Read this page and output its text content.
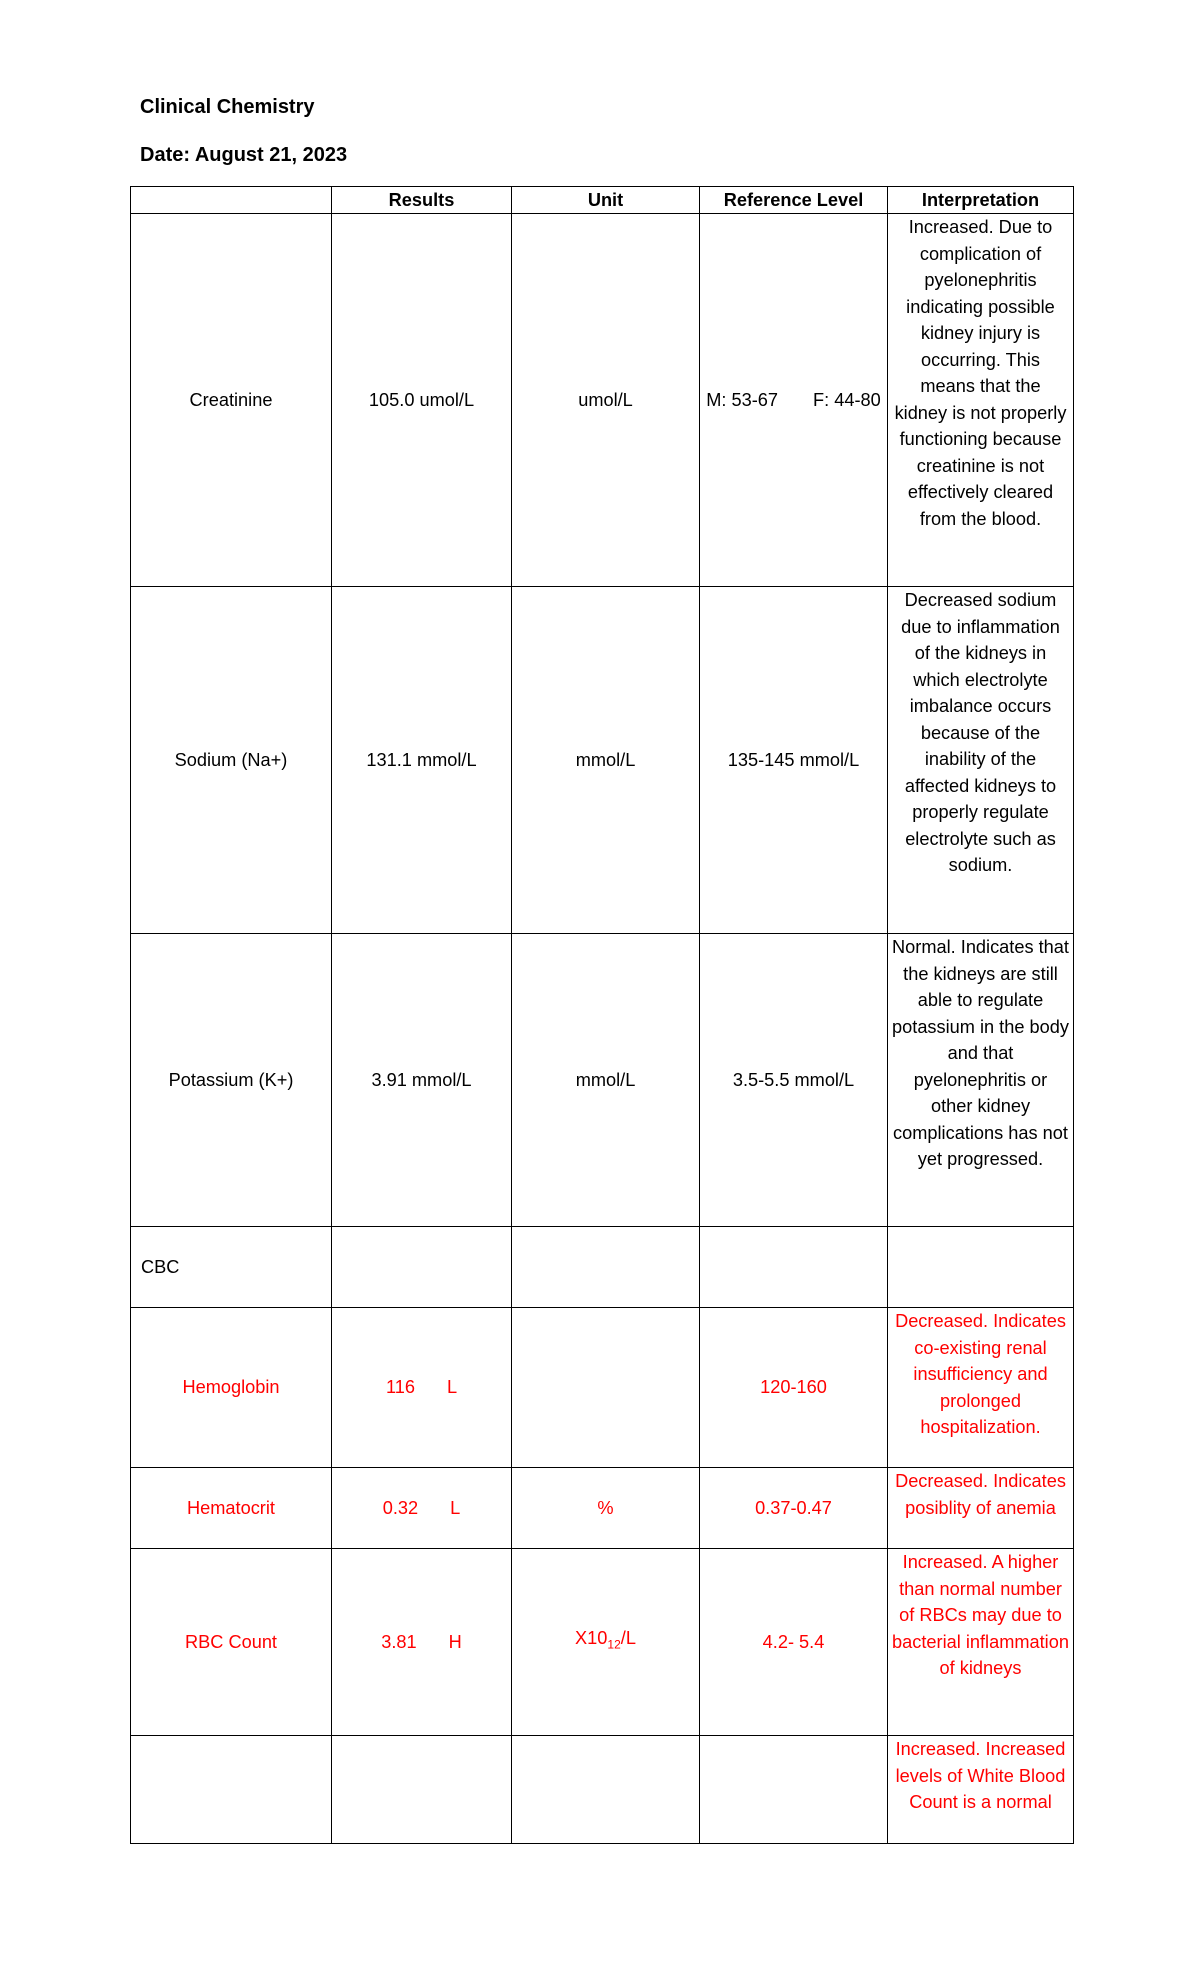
Clinical Chemistry
Date: August 21, 2023
	Results	Unit	Reference Level	Interpretation
Creatinine	105.0 umol/L	umol/L	M: 53-67 F: 44-80	Increased. Due to complication of pyelonephritis indicating possible kidney injury is occurring. This means that the kidney is not properly functioning because creatinine is not effectively cleared from the blood.
Sodium (Na+)	131.1 mmol/L	mmol/L	135-145 mmol/L	Decreased sodium due to inflammation of the kidneys in which electrolyte imbalance occurs because of the inability of the affected kidneys to properly regulate electrolyte such as sodium.
Potassium (K+)	3.91 mmol/L	mmol/L	3.5-5.5 mmol/L	Normal. Indicates that the kidneys are still able to regulate potassium in the body and that pyelonephritis or other kidney complications has not yet progressed.
CBC				
Hemoglobin	116 L		120-160	Decreased. Indicates co-existing renal insufficiency and prolonged hospitalization.
Hematocrit	0.32 L	%	0.37-0.47	Decreased. Indicates posiblity of anemia
RBC Count	3.81 H	$X10_{12}/L$	4.2- 5.4	Increased. A higher than normal number of RBCs may due to bacterial inflammation of kidneys
				Increased. Increased levels of White Blood Count is a normal
